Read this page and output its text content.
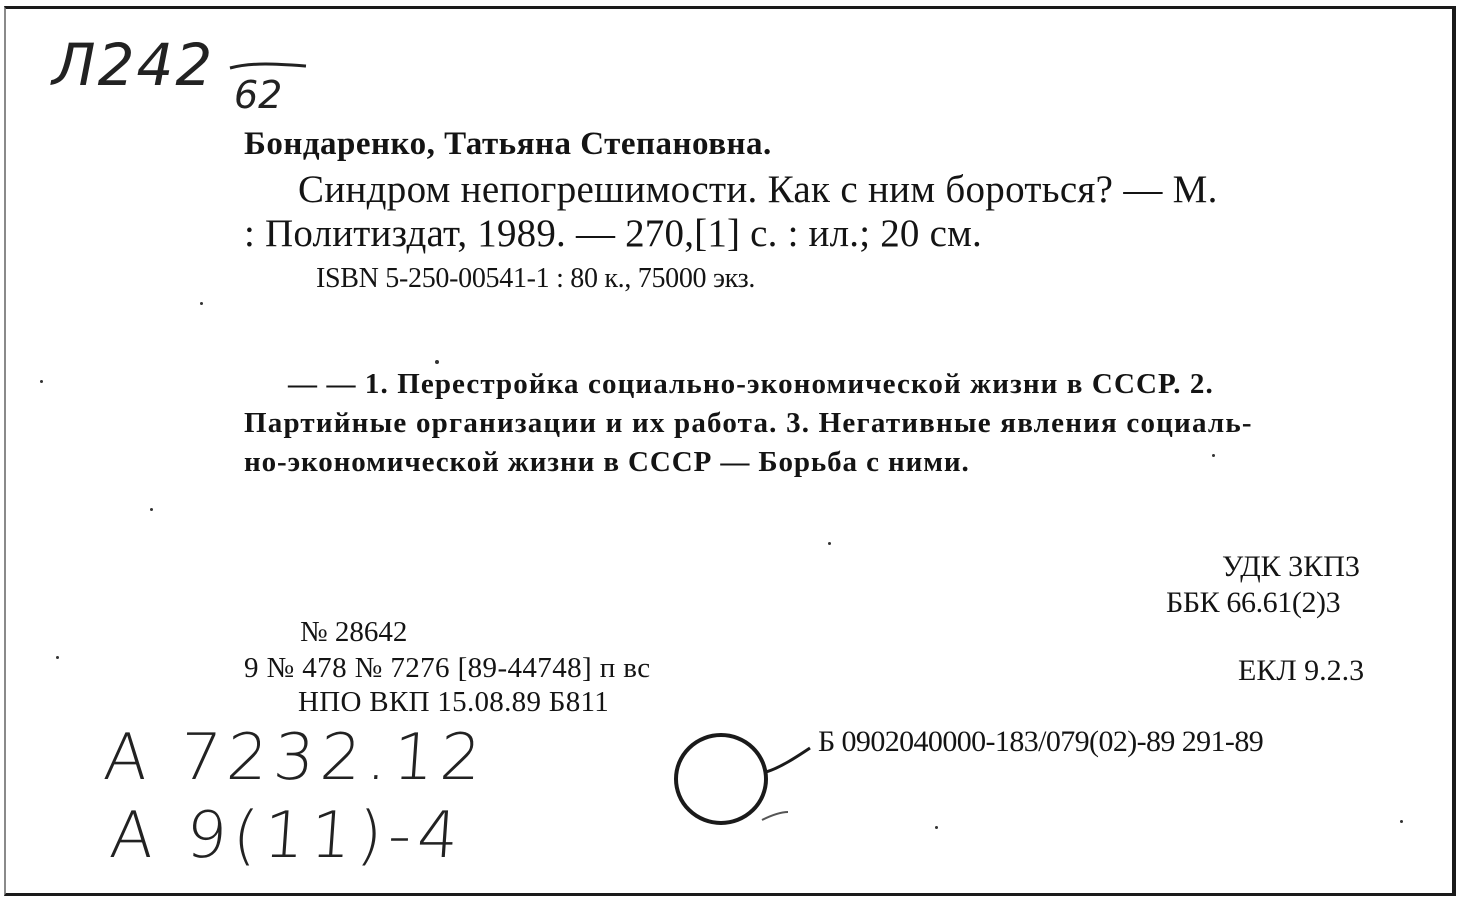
Л242 62
Бондаренко, Татьяна Степановна.
Синдром непогрешимости. Как с ним бороться? — М.
: Политиздат, 1989. — 270,[1] с. : ил.; 20 см.
ISBN 5-250-00541-1 : 80 к., 75000 экз.
— — 1. Перестройка социально-экономической жизни в СССР. 2.
Партийные организации и их работа. 3. Негативные явления социаль-
но-экономической жизни в СССР — Борьба с ними.
УДК 3КП3
ББК 66.61(2)3
ЕКЛ 9.2.3
Б 0902040000-183/079(02)-89 291-89
№ 28642
9 № 478 № 7276 [89-44748] п вс
НПО ВКП 15.08.89 Б811
А 7232.12
А 9(11)-4
